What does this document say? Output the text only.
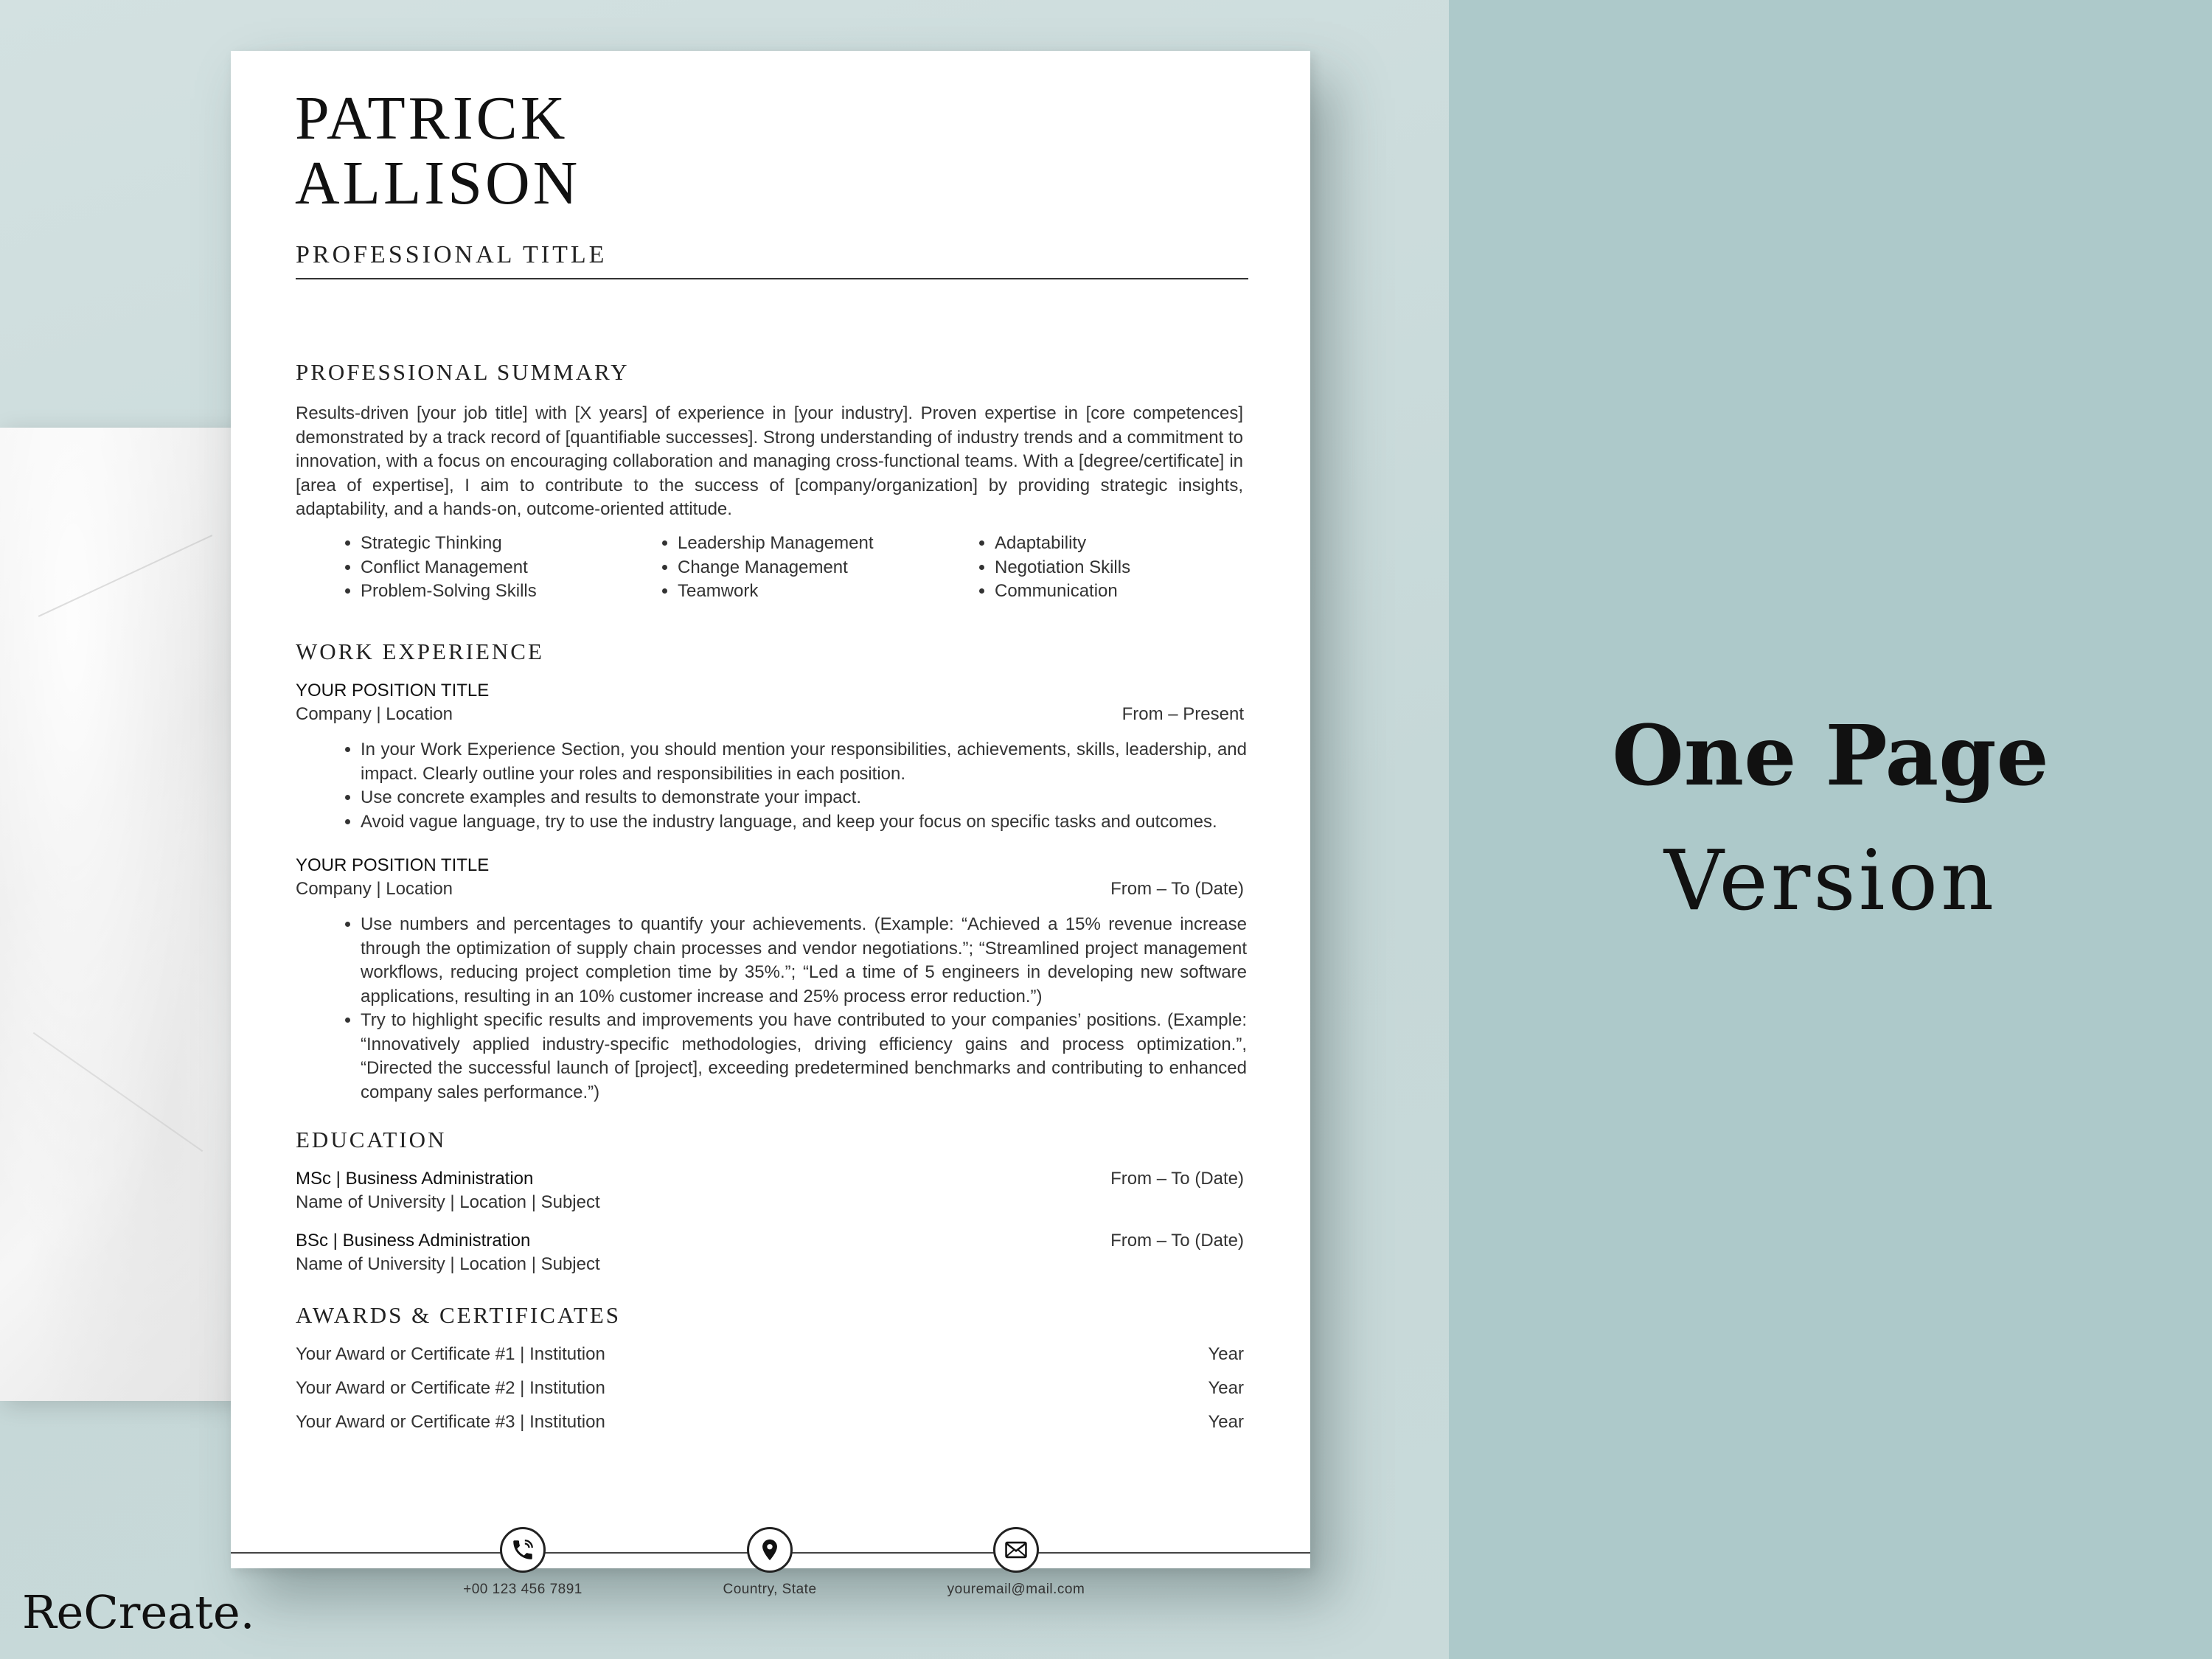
PATRICK
ALLISON
PROFESSIONAL TITLE
PROFESSIONAL SUMMARY
Results-driven [your job title] with [X years] of experience in [your industry]. Proven expertise in [core competences] demonstrated by a track record of [quantifiable successes]. Strong understanding of industry trends and a commitment to innovation, with a focus on encouraging collaboration and managing cross-functional teams. With a [degree/certificate] in [area of expertise], I aim to contribute to the success of [company/organization] by providing strategic insights, adaptability, and a hands-on, outcome-oriented attitude.
• Strategic Thinking
• Conflict Management
• Problem-Solving Skills
• Leadership Management
• Change Management
• Teamwork
• Adaptability
• Negotiation Skills
• Communication
WORK EXPERIENCE
YOUR POSITION TITLE
Company | Location	From – Present
• In your Work Experience Section, you should mention your responsibilities, achievements, skills, leadership, and impact. Clearly outline your roles and responsibilities in each position.
• Use concrete examples and results to demonstrate your impact.
• Avoid vague language, try to use the industry language, and keep your focus on specific tasks and outcomes.
YOUR POSITION TITLE
Company | Location	From – To (Date)
• Use numbers and percentages to quantify your achievements. (Example: “Achieved a 15% revenue increase through the optimization of supply chain processes and vendor negotiations.”; “Streamlined project management workflows, reducing project completion time by 35%.”; “Led a time of 5 engineers in developing new software applications, resulting in an 10% customer increase and 25% process error reduction.”)
• Try to highlight specific results and improvements you have contributed to your companies’ positions. (Example: “Innovatively applied industry-specific methodologies, driving efficiency gains and process optimization.”, “Directed the successful launch of [project], exceeding predetermined benchmarks and contributing to enhanced company sales performance.”)
EDUCATION
MSc | Business Administration	From – To (Date)
Name of University | Location | Subject
BSc | Business Administration	From – To (Date)
Name of University | Location | Subject
AWARDS & CERTIFICATES
Your Award or Certificate #1 | Institution	Year
Your Award or Certificate #2 | Institution	Year
Your Award or Certificate #3 | Institution	Year
+00 123 456 7891	Country, State	youremail@mail.com
One Page
Version
ReCreate.
